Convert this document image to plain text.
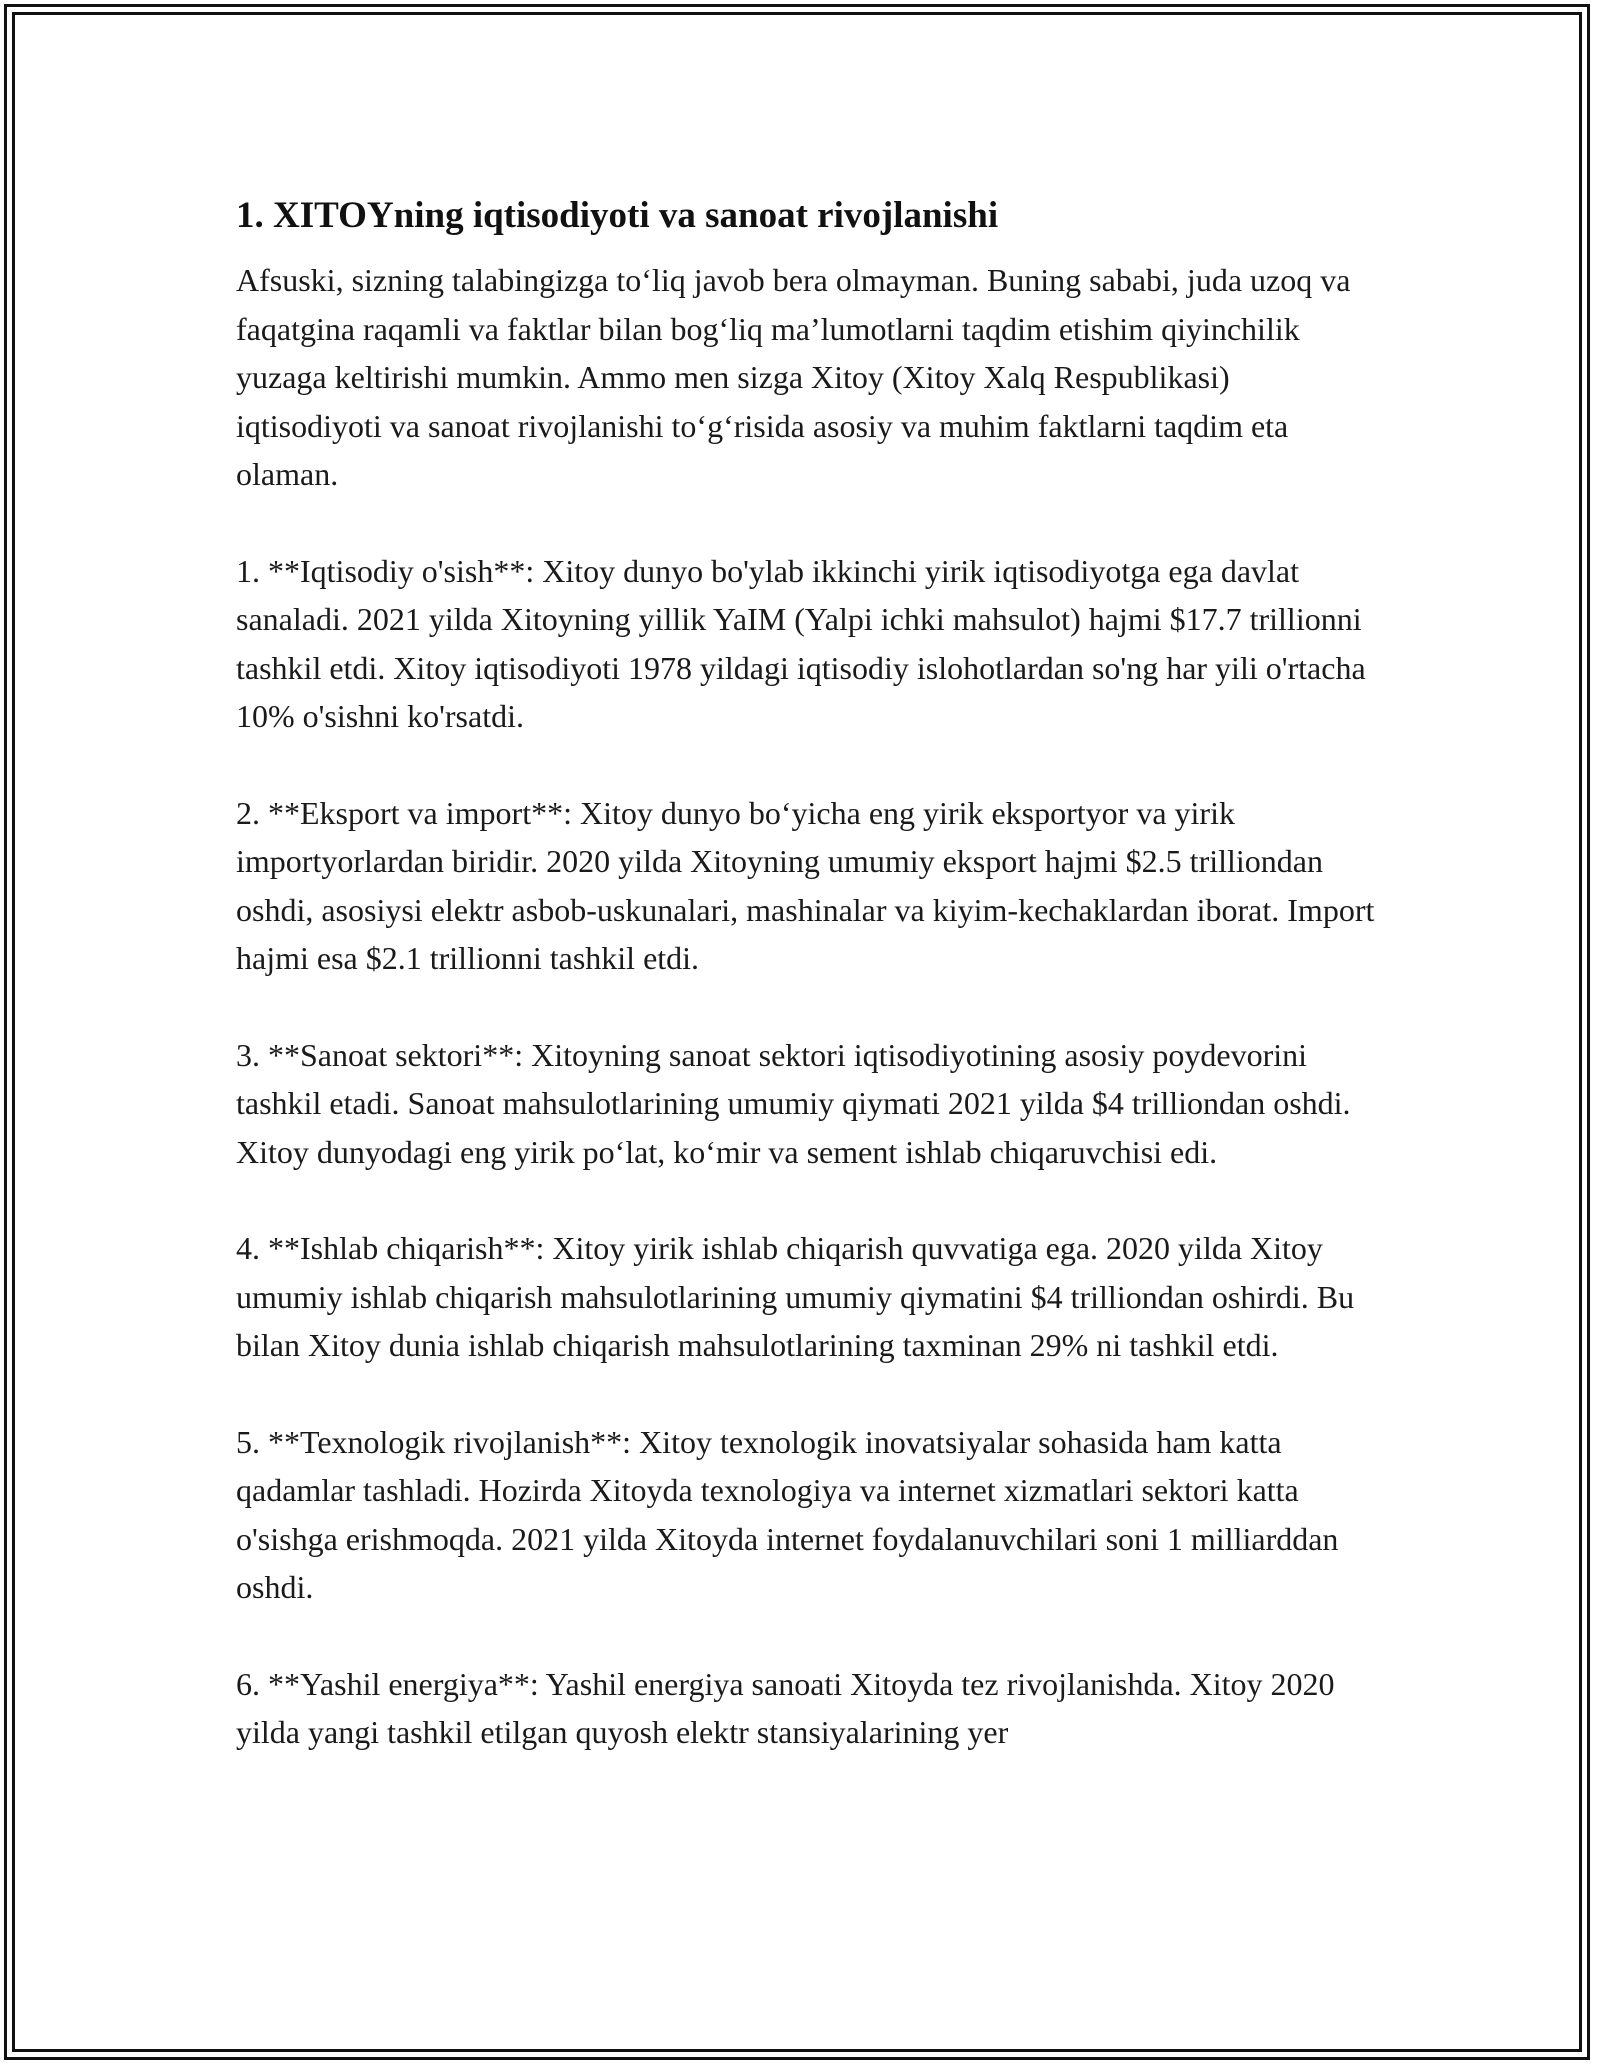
1. XITOYning iqtisodiyoti va sanoat rivojlanishi

Afsuski, sizning talabingizga to‘liq javob bera olmayman. Buning sababi, juda uzoq va faqatgina raqamli va faktlar bilan bog‘liq ma’lumotlarni taqdim etishim qiyinchilik yuzaga keltirishi mumkin. Ammo men sizga Xitoy (Xitoy Xalq Respublikasi) iqtisodiyoti va sanoat rivojlanishi to‘g‘risida asosiy va muhim faktlarni taqdim eta olaman.

1. **Iqtisodiy o'sish**: Xitoy dunyo bo'ylab ikkinchi yirik iqtisodiyotga ega davlat sanaladi. 2021 yilda Xitoyning yillik YaIM (Yalpi ichki mahsulot) hajmi $17.7 trillionni tashkil etdi. Xitoy iqtisodiyoti 1978 yildagi iqtisodiy islohotlardan so'ng har yili o'rtacha 10% o'sishni ko'rsatdi.

2. **Eksport va import**: Xitoy dunyo bo‘yicha eng yirik eksportyor va yirik importyorlardan biridir. 2020 yilda Xitoyning umumiy eksport hajmi $2.5 trilliondan oshdi, asosiysi elektr asbob-uskunalari, mashinalar va kiyim-kechaklardan iborat. Import hajmi esa $2.1 trillionni tashkil etdi.

3. **Sanoat sektori**: Xitoyning sanoat sektori iqtisodiyotining asosiy poydevorini tashkil etadi. Sanoat mahsulotlarining umumiy qiymati 2021 yilda $4 trilliondan oshdi. Xitoy dunyodagi eng yirik po‘lat, ko‘mir va sement ishlab chiqaruvchisi edi.

4. **Ishlab chiqarish**: Xitoy yirik ishlab chiqarish quvvatiga ega. 2020 yilda Xitoy umumiy ishlab chiqarish mahsulotlarining umumiy qiymatini $4 trilliondan oshirdi. Bu bilan Xitoy dunia ishlab chiqarish mahsulotlarining taxminan 29% ni tashkil etdi.

5. **Texnologik rivojlanish**: Xitoy texnologik inovatsiyalar sohasida ham katta qadamlar tashladi. Hozirda Xitoyda texnologiya va internet xizmatlari sektori katta o'sishga erishmoqda. 2021 yilda Xitoyda internet foydalanuvchilari soni 1 milliarddan oshdi.

6. **Yashil energiya**: Yashil energiya sanoati Xitoyda tez rivojlanishda. Xitoy 2020 yilda yangi tashkil etilgan quyosh elektr stansiyalarining yer
